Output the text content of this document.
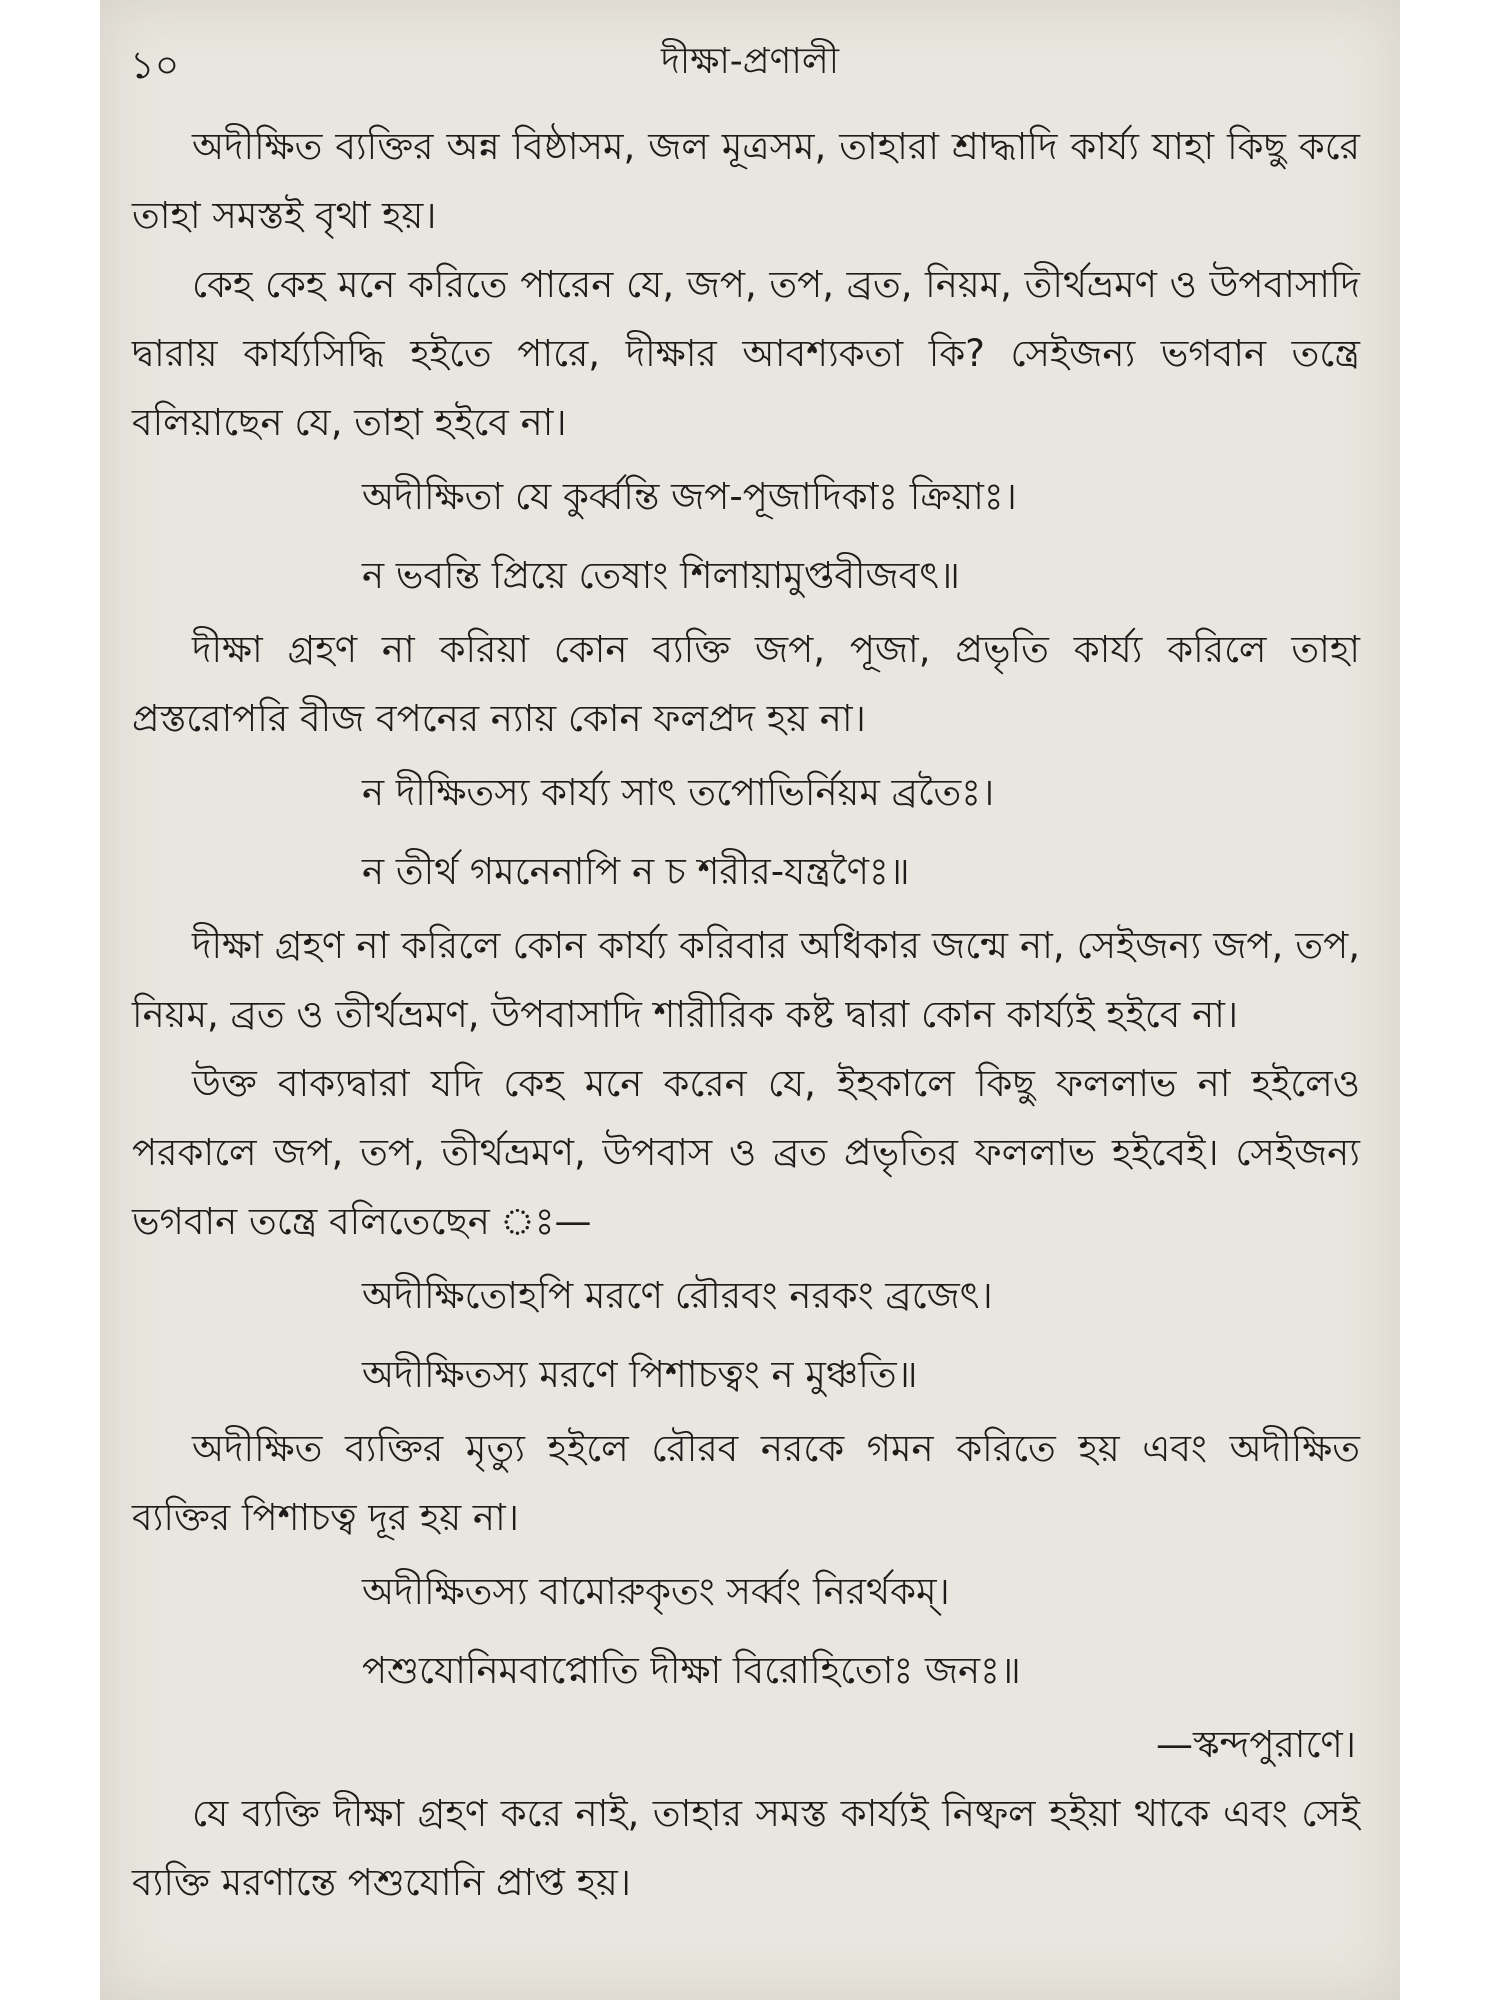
১০	দীক্ষা-প্রণালী

অদীক্ষিত ব্যক্তির অন্ন বিষ্ঠাসম, জল মূত্রসম, তাহারা শ্রাদ্ধাদি কার্য্য যাহা কিছু করে তাহা সমস্তই বৃথা হয়।

কেহ কেহ মনে করিতে পারেন যে, জপ, তপ, ব্রত, নিয়ম, তীর্থভ্রমণ ও উপবাসাদি দ্বারায় কার্য্যসিদ্ধি হইতে পারে, দীক্ষার আবশ্যকতা কি? সেইজন্য ভগবান তন্ত্রে বলিয়াছেন যে, তাহা হইবে না।

অদীক্ষিতা যে কুর্ব্বন্তি জপ-পূজাদিকাঃ ক্রিয়াঃ।
ন ভবন্তি প্রিয়ে তেষাং শিলায়ামুপ্তবীজবৎ॥

দীক্ষা গ্রহণ না করিয়া কোন ব্যক্তি জপ, পূজা, প্রভৃতি কার্য্য করিলে তাহা প্রস্তরোপরি বীজ বপনের ন্যায় কোন ফলপ্রদ হয় না।

ন দীক্ষিতস্য কার্য্য সাৎ তপোভির্নিয়ম ব্রতৈঃ।
ন তীর্থ গমনেনাপি ন চ শরীর-যন্ত্রণৈঃ॥

দীক্ষা গ্রহণ না করিলে কোন কার্য্য করিবার অধিকার জন্মে না, সেইজন্য জপ, তপ, নিয়ম, ব্রত ও তীর্থভ্রমণ, উপবাসাদি শারীরিক কষ্ট দ্বারা কোন কার্য্যই হইবে না।

উক্ত বাক্যদ্বারা যদি কেহ মনে করেন যে, ইহকালে কিছু ফললাভ না হইলেও পরকালে জপ, তপ, তীর্থভ্রমণ, উপবাস ও ব্রত প্রভৃতির ফললাভ হইবেই। সেইজন্য ভগবান তন্ত্রে বলিতেছেন ঃ—

অদীক্ষিতোহপি মরণে রৌরবং নরকং ব্রজেৎ।
অদীক্ষিতস্য মরণে পিশাচত্বং ন মুঞ্চতি॥

অদীক্ষিত ব্যক্তির মৃত্যু হইলে রৌরব নরকে গমন করিতে হয় এবং অদীক্ষিত ব্যক্তির পিশাচত্ব দূর হয় না।

অদীক্ষিতস্য বামোরুকৃতং সর্ব্বং নিরর্থকম্।
পশুযোনিমবাপ্নোতি দীক্ষা বিরোহিতোঃ জনঃ॥

—স্কন্দপুরাণে।

যে ব্যক্তি দীক্ষা গ্রহণ করে নাই, তাহার সমস্ত কার্য্যই নিষ্ফল হইয়া থাকে এবং সেই ব্যক্তি মরণান্তে পশুযোনি প্রাপ্ত হয়।
